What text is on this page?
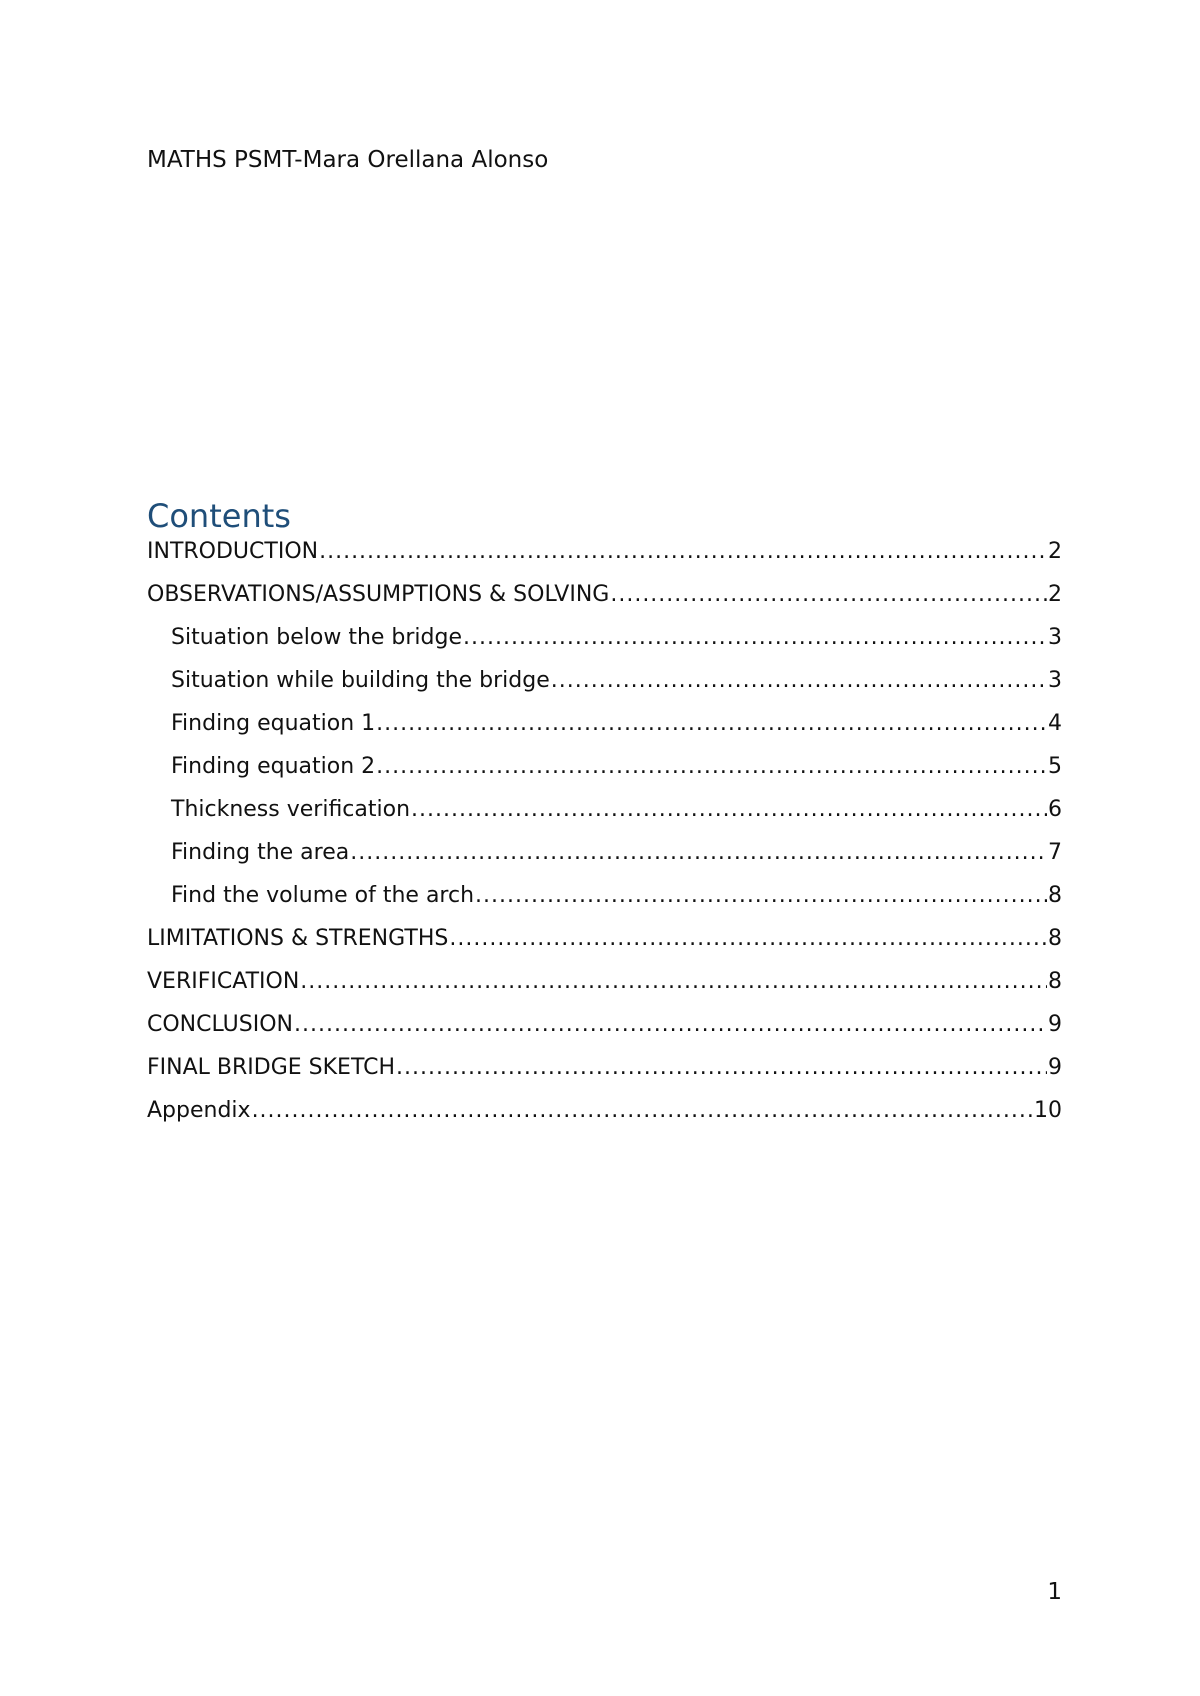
MATHS PSMT-Mara Orellana Alonso
Contents
INTRODUCTION .....	2
OBSERVATIONS/ASSUMPTIONS & SOLVING .....	2
Situation below the bridge .....	3
Situation while building the bridge .....	3
Finding equation 1 .....	4
Finding equation 2 .....	5
Thickness verification .....	6
Finding the area .....	7
Find the volume of the arch .....	8
LIMITATIONS & STRENGTHS .....	8
VERIFICATION .....	8
CONCLUSION .....	9
FINAL BRIDGE SKETCH .....	9
Appendix .....	10
1
